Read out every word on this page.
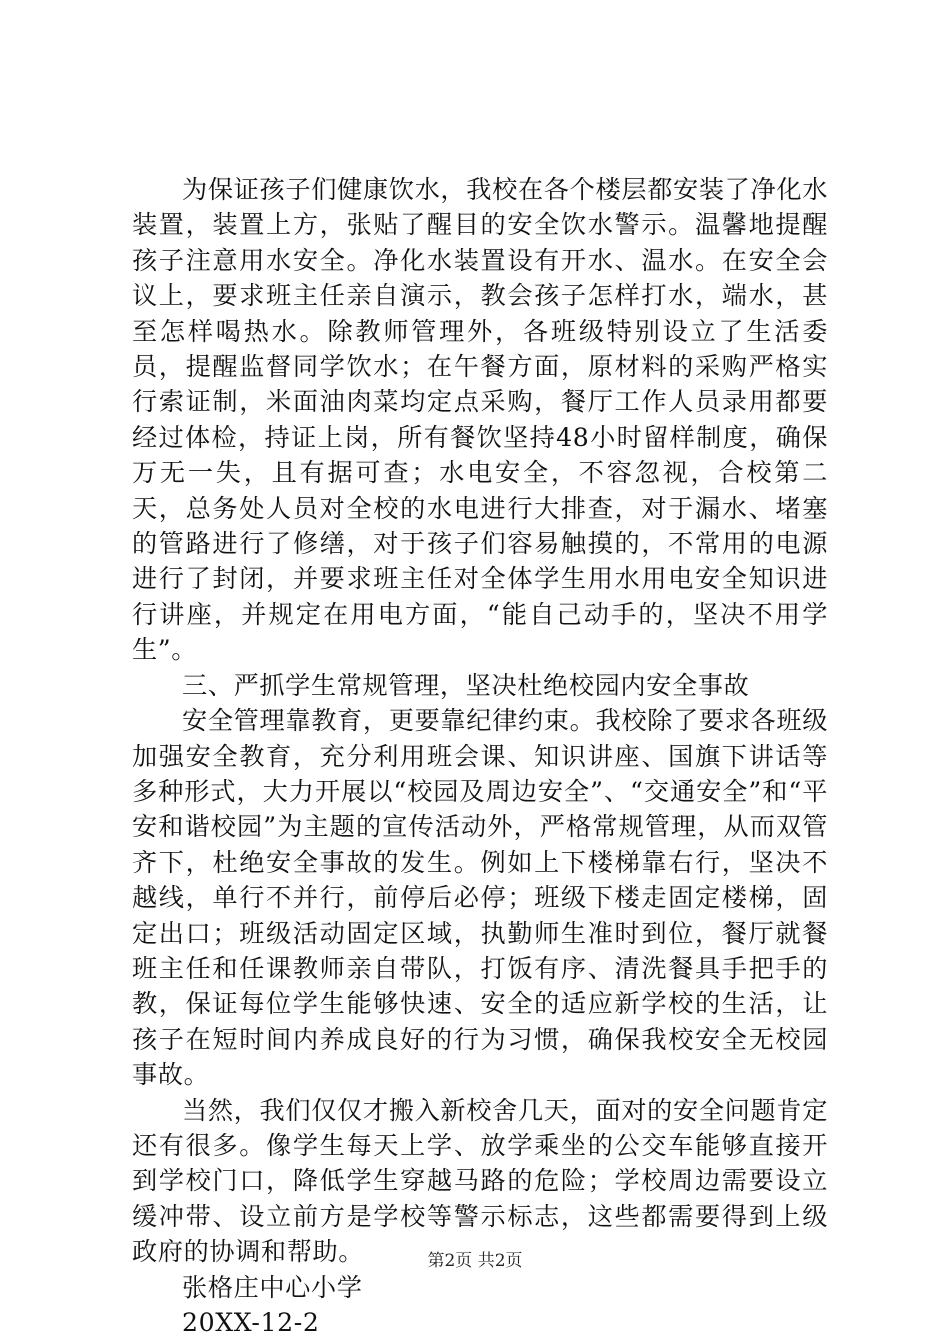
为保证孩子们健康饮水，我校在各个楼层都安装了净化水装置，装置上方，张贴了醒目的安全饮水警示。温馨地提醒孩子注意用水安全。净化水装置设有开水、温水。在安全会议上，要求班主任亲自演示，教会孩子怎样打水，端水，甚至怎样喝热水。除教师管理外，各班级特别设立了生活委员，提醒监督同学饮水；在午餐方面，原材料的采购严格实行索证制，米面油肉菜均定点采购，餐厅工作人员录用都要经过体检，持证上岗，所有餐饮坚持48小时留样制度，确保万无一失，且有据可查；水电安全，不容忽视，合校第二天，总务处人员对全校的水电进行大排查，对于漏水、堵塞的管路进行了修缮，对于孩子们容易触摸的，不常用的电源进行了封闭，并要求班主任对全体学生用水用电安全知识进行讲座，并规定在用电方面，“能自己动手的，坚决不用学生”。

三、严抓学生常规管理，坚决杜绝校园内安全事故

安全管理靠教育，更要靠纪律约束。我校除了要求各班级加强安全教育，充分利用班会课、知识讲座、国旗下讲话等多种形式，大力开展以“校园及周边安全”、“交通安全”和“平安和谐校园”为主题的宣传活动外，严格常规管理，从而双管齐下，杜绝安全事故的发生。例如上下楼梯靠右行，坚决不越线，单行不并行，前停后必停；班级下楼走固定楼梯，固定出口；班级活动固定区域，执勤师生准时到位，餐厅就餐班主任和任课教师亲自带队，打饭有序、清洗餐具手把手的教，保证每位学生能够快速、安全的适应新学校的生活，让孩子在短时间内养成良好的行为习惯，确保我校安全无校园事故。

当然，我们仅仅才搬入新校舍几天，面对的安全问题肯定还有很多。像学生每天上学、放学乘坐的公交车能够直接开到学校门口，降低学生穿越马路的危险；学校周边需要设立缓冲带、设立前方是学校等警示标志，这些都需要得到上级政府的协调和帮助。

张格庄中心小学

20XX-12-2

第2页 共2页
